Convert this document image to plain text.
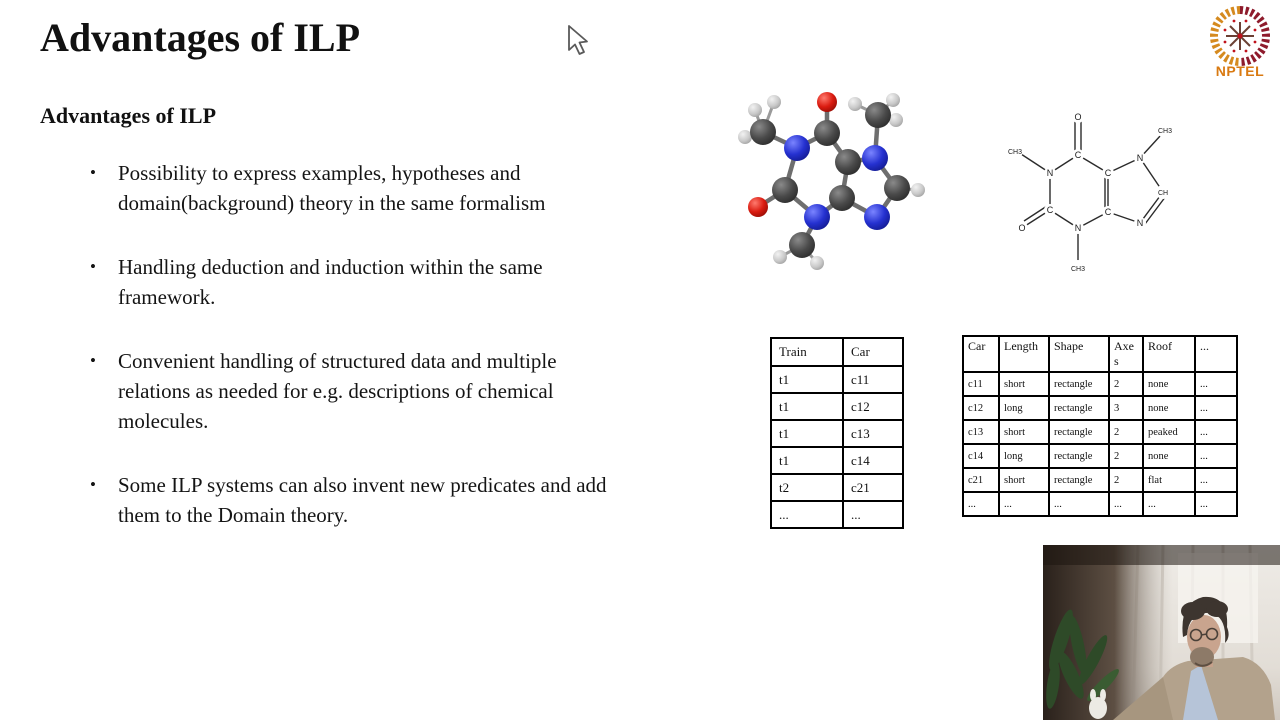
Advantages of ILP
Advantages of ILP
• Possibility to express examples, hypotheses and domain(background) theory in the same formalism
• Handling deduction and induction within the same framework.
• Convenient handling of structured data and multiple relations as needed for e.g. descriptions of chemical molecules.
• Some ILP systems can also invent new predicates and add them to the Domain theory.
O
C
CH3
N
C
O	N
CH3
C
C
N
CH3
CH
N
Train	Car
t1	c11
t1	c12
t1	c13
t1	c14
t2	c21
...	...
Car	Length	Shape	Axes	Roof	...
c11	short	rectangle	2	none	...
c12	long	rectangle	3	none	...
c13	short	rectangle	2	peaked	...
c14	long	rectangle	2	none	...
c21	short	rectangle	2	flat	...
...	...	...	...	...	...
NPTEL
